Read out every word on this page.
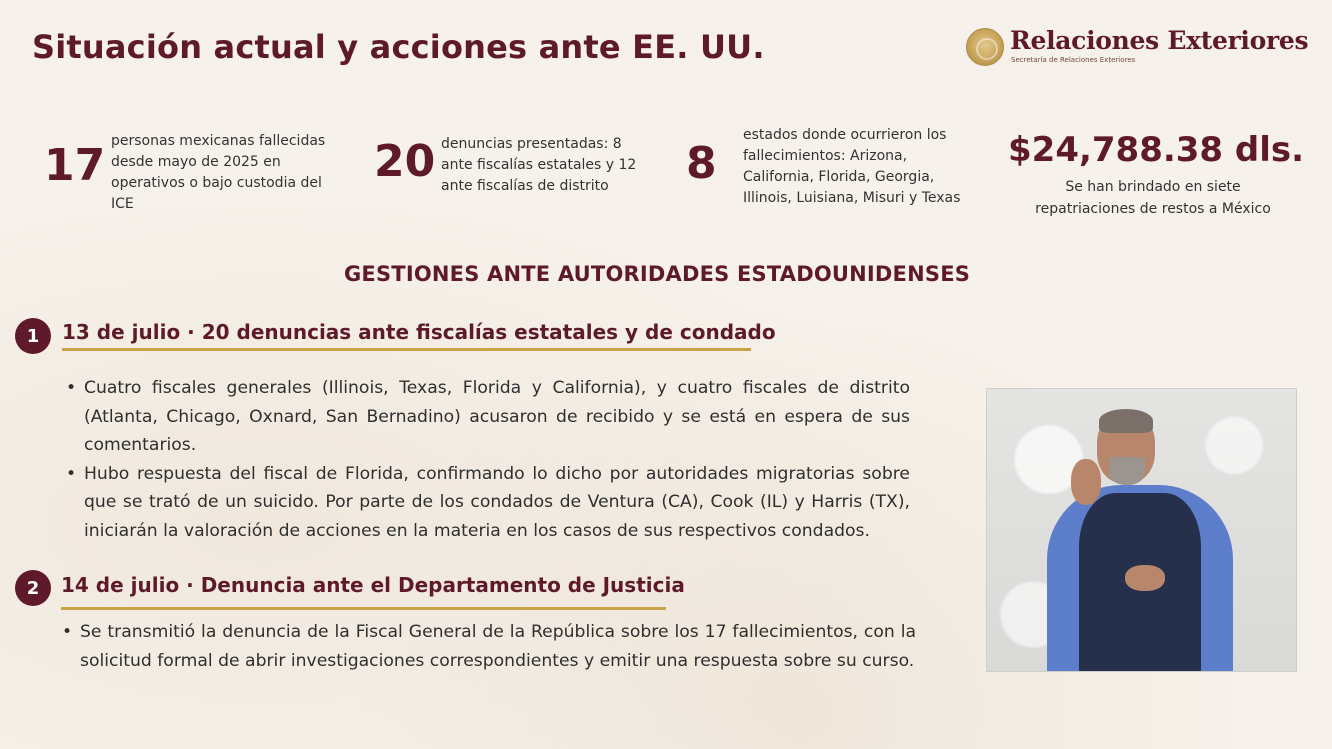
Situación actual y acciones ante EE. UU.	Relaciones Exteriores
Secretaría de Relaciones Exteriores
17 personas mexicanas fallecidas
desde mayo de 2025 en
operativos o bajo custodia del
ICE
20 denuncias presentadas: 8
ante fiscalías estatales y 12
ante fiscalías de distrito	8
estados donde ocurrieron los
fallecimientos: Arizona,
California, Florida, Georgia,
Illinois, Luisiana, Misuri y Texas
$24,788.38 dls.
Se han brindado en siete
repatriaciones de restos a México
GESTIONES ANTE AUTORIDADES ESTADOUNIDENSES
1	13 de julio · 20 denuncias ante fiscalías estatales y de condado
• Cuatro fiscales generales (Illinois, Texas, Florida y California), y cuatro fiscales de distrito (Atlanta, Chicago, Oxnard, San Bernadino) acusaron de recibido y se está en espera de sus comentarios.
• Hubo respuesta del fiscal de Florida, confirmando lo dicho por autoridades migratorias sobre que se trató de un suicido. Por parte de los condados de Ventura (CA), Cook (IL) y Harris (TX), iniciarán la valoración de acciones en la materia en los casos de sus respectivos condados.
2	14 de julio · Denuncia ante el Departamento de Justicia
• Se transmitió la denuncia de la Fiscal General de la República sobre los 17 fallecimientos, con la solicitud formal de abrir investigaciones correspondientes y emitir una respuesta sobre su curso.
